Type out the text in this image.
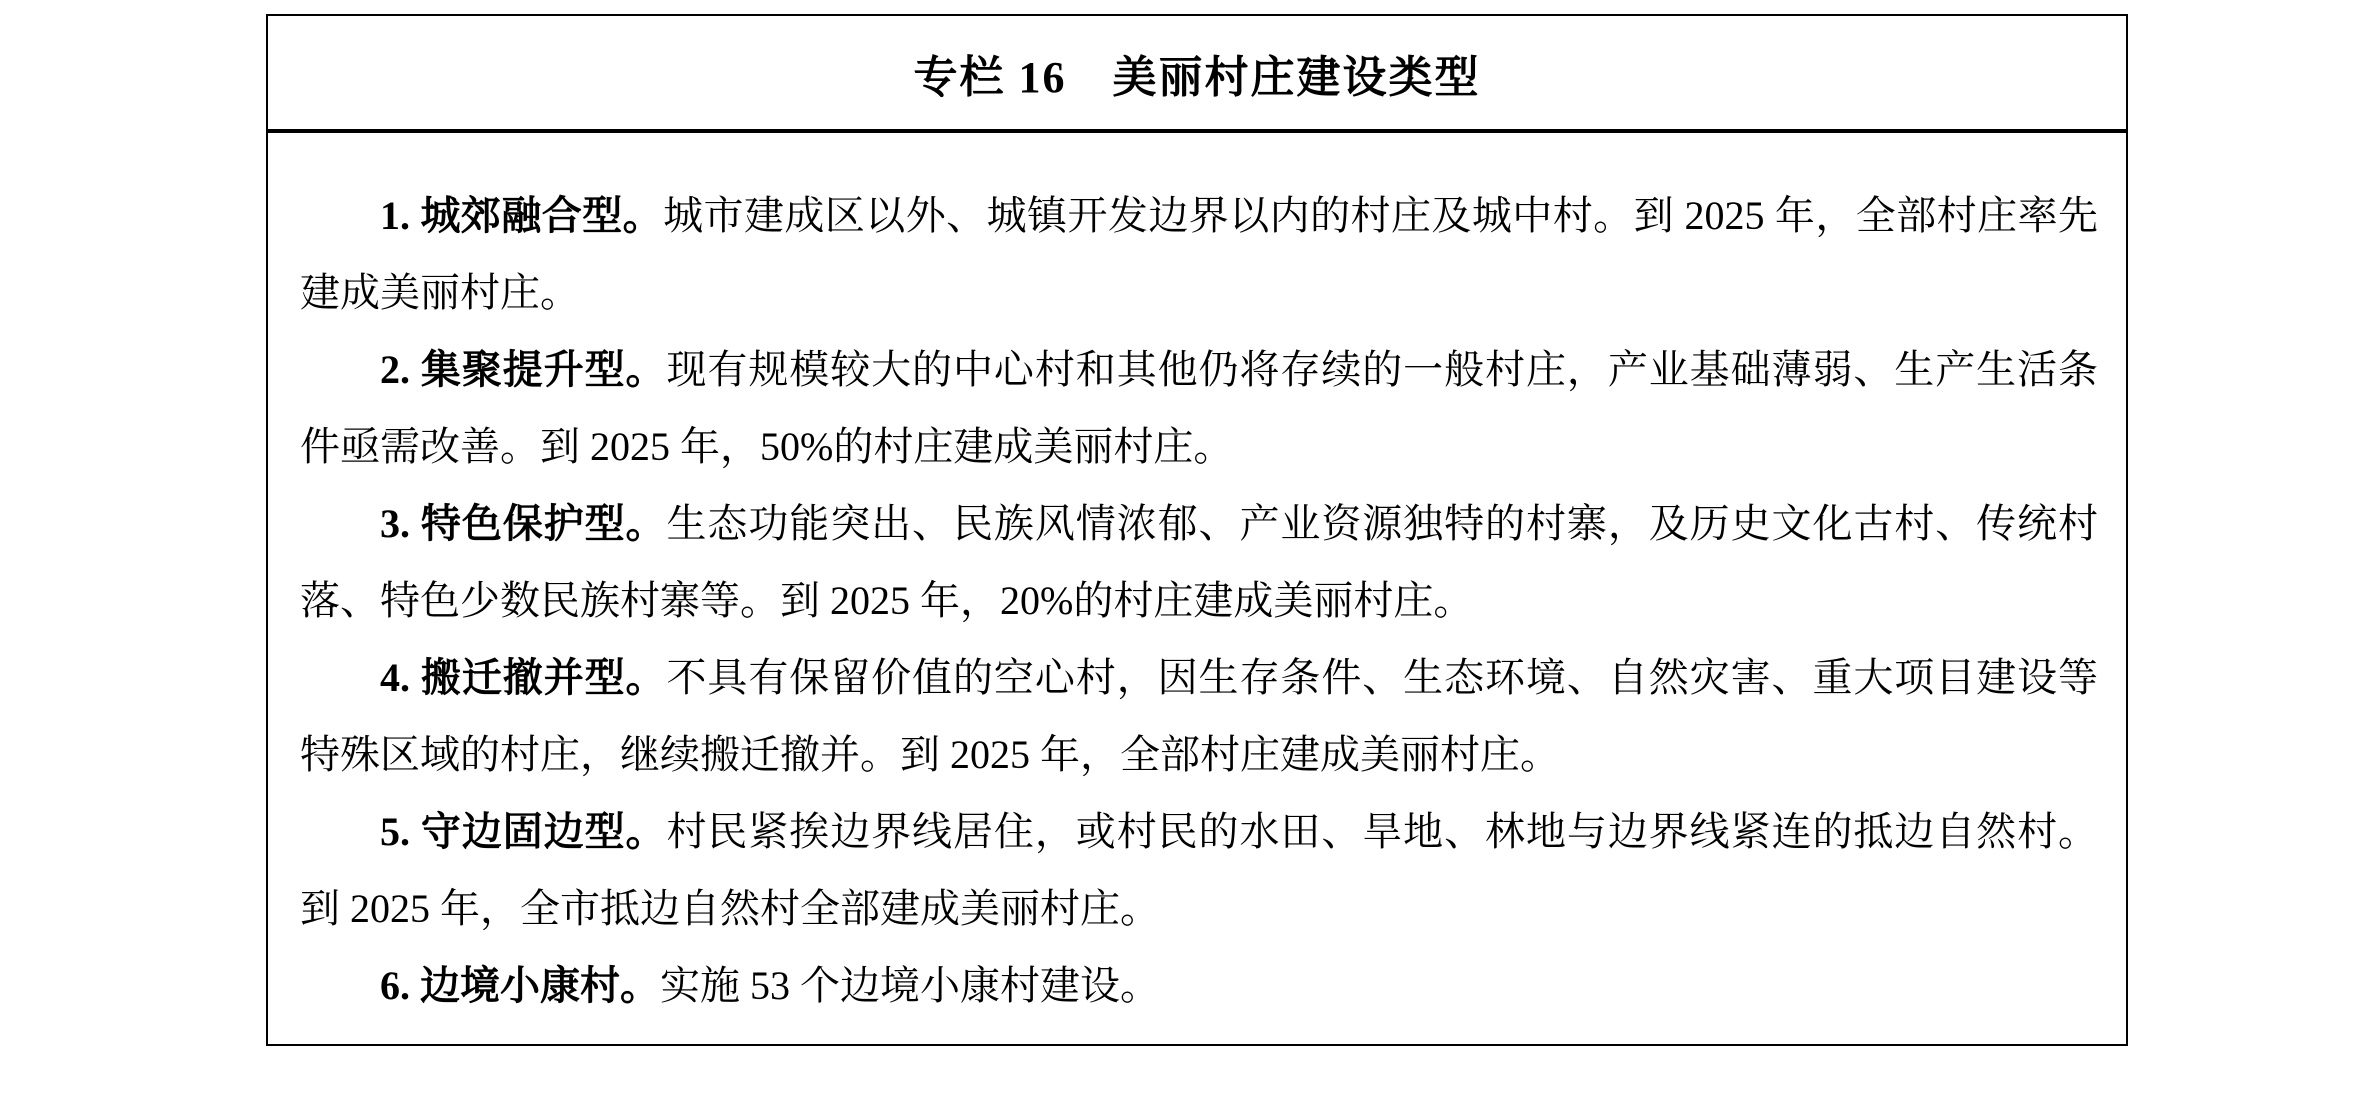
专栏 16　美丽村庄建设类型

1. 城郊融合型。城市建成区以外、城镇开发边界以内的村庄及城中村。到 2025 年，全部村庄率先建成美丽村庄。

2. 集聚提升型。现有规模较大的中心村和其他仍将存续的一般村庄，产业基础薄弱、生产生活条件亟需改善。到 2025 年，50%的村庄建成美丽村庄。

3. 特色保护型。生态功能突出、民族风情浓郁、产业资源独特的村寨，及历史文化古村、传统村落、特色少数民族村寨等。到 2025 年，20%的村庄建成美丽村庄。

4. 搬迁撤并型。不具有保留价值的空心村，因生存条件、生态环境、自然灾害、重大项目建设等特殊区域的村庄，继续搬迁撤并。到 2025 年，全部村庄建成美丽村庄。

5. 守边固边型。村民紧挨边界线居住，或村民的水田、旱地、林地与边界线紧连的抵边自然村。到 2025 年，全市抵边自然村全部建成美丽村庄。

6. 边境小康村。实施 53 个边境小康村建设。
